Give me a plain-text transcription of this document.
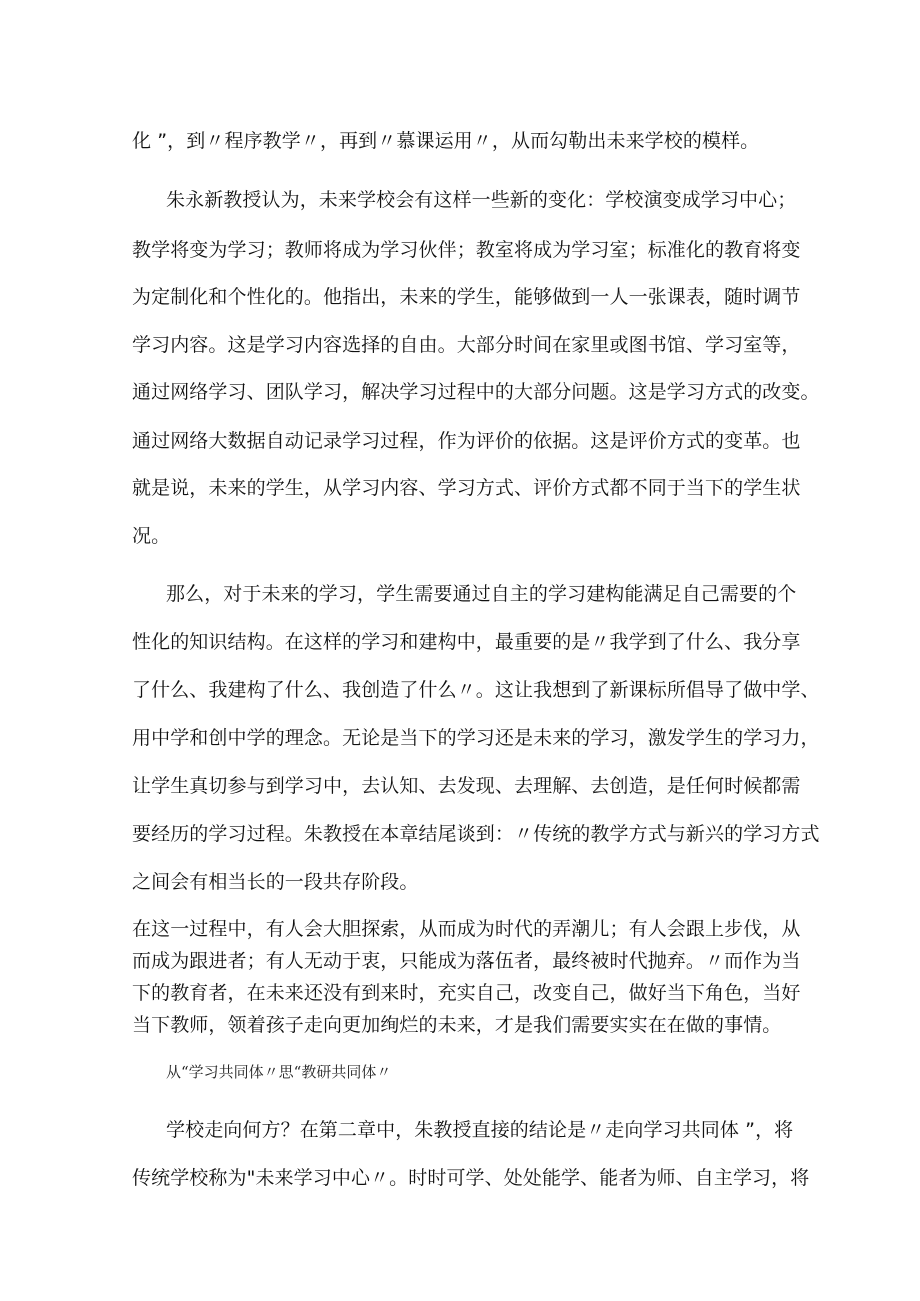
化 ”，到〃程序教学〃，再到〃慕课运用〃，从而勾勒出未来学校的模样。
朱永新教授认为，未来学校会有这样一些新的变化：学校演变成学习中心；
教学将变为学习；教师将成为学习伙伴；教室将成为学习室；标准化的教育将变
为定制化和个性化的。他指出，未来的学生，能够做到一人一张课表，随时调节
学习内容。这是学习内容选择的自由。大部分时间在家里或图书馆、学习室等，
通过网络学习、团队学习，解决学习过程中的大部分问题。这是学习方式的改变。
通过网络大数据自动记录学习过程，作为评价的依据。这是评价方式的变革。也
就是说，未来的学生，从学习内容、学习方式、评价方式都不同于当下的学生状
况。
那么，对于未来的学习，学生需要通过自主的学习建构能满足自己需要的个
性化的知识结构。在这样的学习和建构中，最重要的是〃我学到了什么、我分享
了什么、我建构了什么、我创造了什么〃。这让我想到了新课标所倡导了做中学、
用中学和创中学的理念。无论是当下的学习还是未来的学习，激发学生的学习力，
让学生真切参与到学习中，去认知、去发现、去理解、去创造，是任何时候都需
要经历的学习过程。朱教授在本章结尾谈到：〃传统的教学方式与新兴的学习方式
之间会有相当长的一段共存阶段。
在这一过程中，有人会大胆探索，从而成为时代的弄潮儿；有人会跟上步伐，从
而成为跟进者；有人无动于衷，只能成为落伍者，最终被时代抛弃。〃而作为当
下的教育者，在未来还没有到来时，充实自己，改变自己，做好当下角色，当好
当下教师，领着孩子走向更加绚烂的未来，才是我们需要实实在在做的事情。
从“学习共同体〃思“教研共同体〃
学校走向何方？在第二章中，朱教授直接的结论是〃走向学习共同体 ”，将
传统学校称为"未来学习中心〃。时时可学、处处能学、能者为师、自主学习，将
